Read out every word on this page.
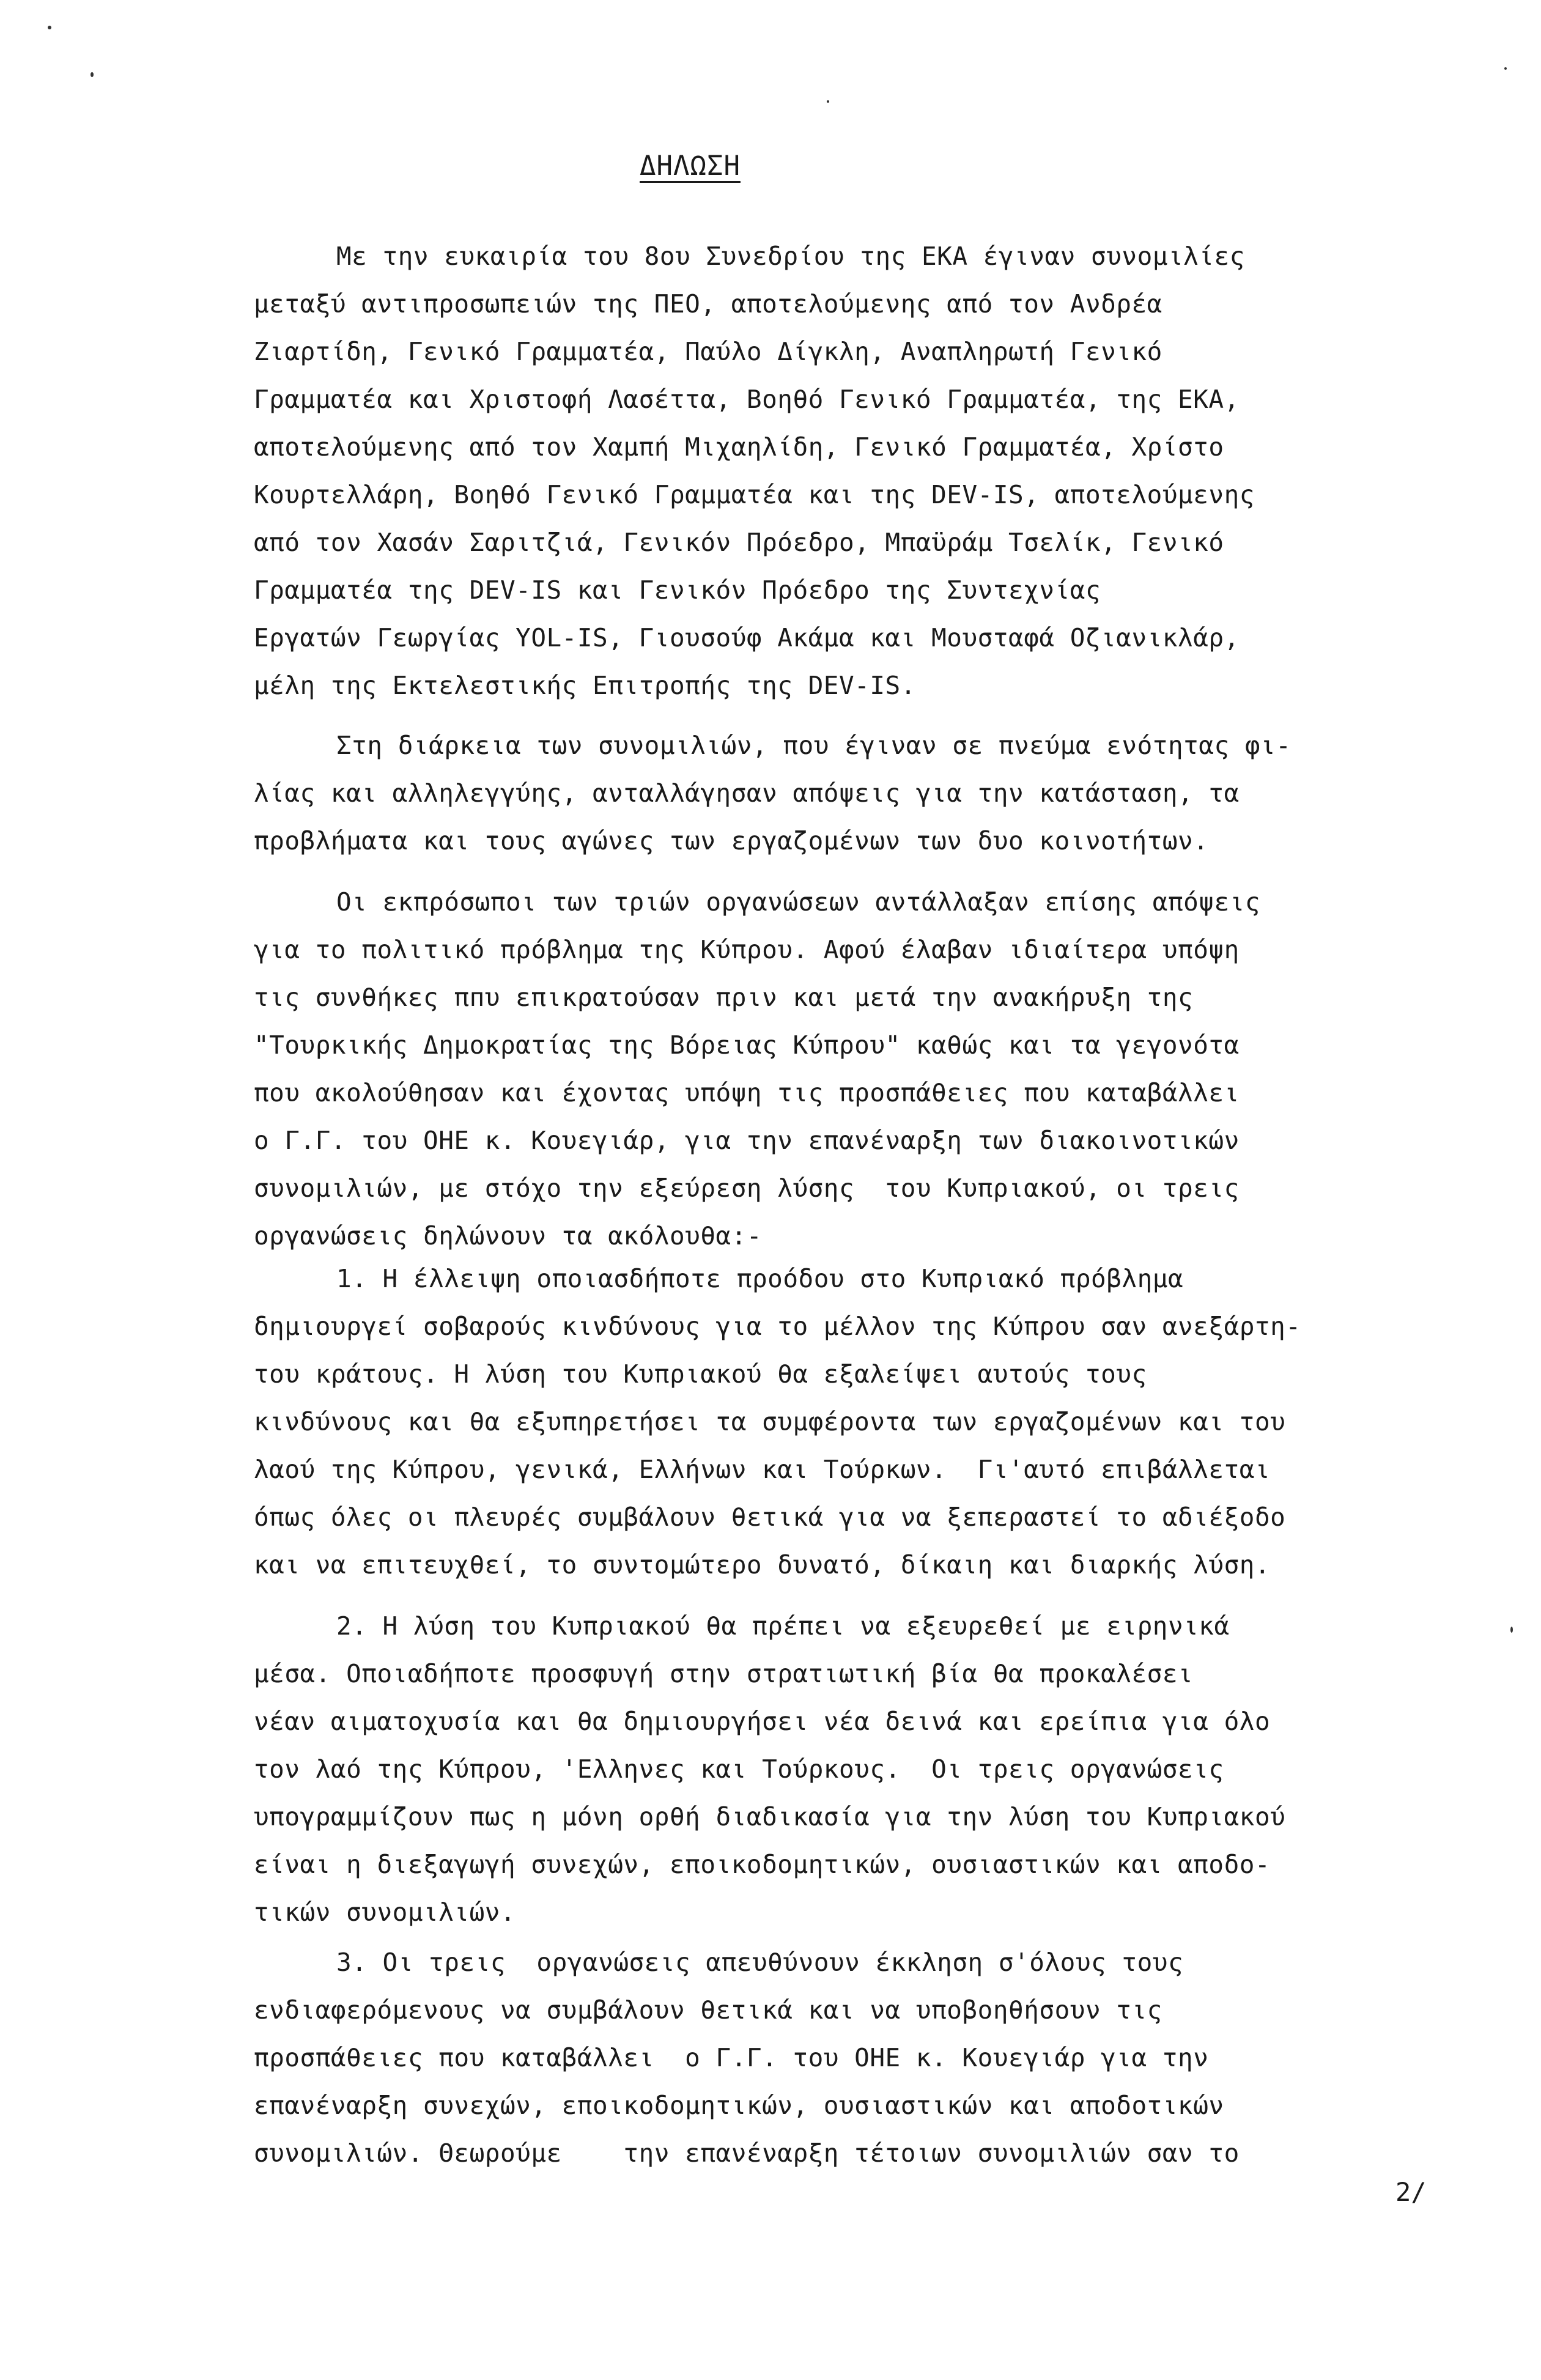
ΔΗΛΩΣΗ
Με την ευκαιρία του 8ου Συνεδρίου της ΕΚΑ έγιναν συνομιλίες
μεταξύ αντιπροσωπειών της ΠΕΟ, αποτελούμενης από τον Ανδρέα
Ζιαρτίδη, Γενικό Γραμματέα, Παύλο Δίγκλη, Αναπληρωτή Γενικό
Γραμματέα και Χριστοφή Λασέττα, Βοηθό Γενικό Γραμματέα, της ΕΚΑ,
αποτελούμενης από τον Χαμπή Μιχαηλίδη, Γενικό Γραμματέα, Χρίστο
Κουρτελλάρη, Βοηθό Γενικό Γραμματέα και της DEV-IS, αποτελούμενης
από τον Χασάν Σαριτζιά, Γενικόν Πρόεδρο, Μπαϋράμ Τσελίκ, Γενικό
Γραμματέα της DEV-IS και Γενικόν Πρόεδρο της Συντεχνίας
Εργατών Γεωργίας YOL-IS, Γιουσούφ Ακάμα και Μουσταφά Οζιανικλάρ,
μέλη της Εκτελεστικής Επιτροπής της DEV-IS.
Στη διάρκεια των συνομιλιών, που έγιναν σε πνεύμα ενότητας φι-
λίας και αλληλεγγύης, ανταλλάγησαν απόψεις για την κατάσταση, τα
προβλήματα και τους αγώνες των εργαζομένων των δυο κοινοτήτων.
Οι εκπρόσωποι των τριών οργανώσεων αντάλλαξαν επίσης απόψεις
για το πολιτικό πρόβλημα της Κύπρου. Αφού έλαβαν ιδιαίτερα υπόψη
τις συνθήκες πпυ επικρατούσαν πριν και μετά την ανακήρυξη της
"Τουρκικής Δημοκρατίας της Βόρειας Κύπρου" καθώς και τα γεγονότα
που ακολούθησαν και έχοντας υπόψη τις προσπάθειες που καταβάλλει
ο Γ.Γ. του ΟΗΕ κ. Κουεγιάρ, για την επανέναρξη των διακοινοτικών
συνομιλιών, με στόχο την εξεύρεση λύσης  του Κυπριακού, οι τρεις
οργανώσεις δηλώνουν τα ακόλουθα:-
1. Η έλλειψη οποιασδήποτε προόδου στο Κυπριακό πρόβλημα
δημιουργεί σοβαρούς κινδύνους για το μέλλον της Κύπρου σαν ανεξάρτη-
του κράτους. Η λύση του Κυπριακού θα εξαλείψει αυτούς τους
κινδύνους και θα εξυπηρετήσει τα συμφέροντα των εργαζομένων και του
λαού της Κύπρου, γενικά, Ελλήνων και Τούρκων.  Γι'αυτό επιβάλλεται
όπως όλες οι πλευρές συμβάλουν θετικά για να ξεπεραστεί το αδιέξοδο
και να επιτευχθεί, το συντομώτερο δυνατό, δίκαιη και διαρκής λύση.
2. Η λύση του Κυπριακού θα πρέπει να εξευρεθεί με ειρηνικά
μέσα. Οποιαδήποτε προσφυγή στην στρατιωτική βία θα προκαλέσει
νέαν αιματοχυσία και θα δημιουργήσει νέα δεινά και ερείπια για όλο
τον λαό της Κύπρου, 'Ελληνες και Τούρκους.  Οι τρεις οργανώσεις
υπογραμμίζουν πως η μόνη ορθή διαδικασία για την λύση του Κυπριακού
είναι η διεξαγωγή συνεχών, εποικοδομητικών, ουσιαστικών και αποδο-
τικών συνομιλιών.
3. Οι τρεις  οργανώσεις απευθύνουν έκκληση σ'όλους τους
ενδιαφερόμενους να συμβάλουν θετικά και να υποβοηθήσουν τις
προσπάθειες που καταβάλλει  ο Γ.Γ. του ΟΗΕ κ. Κουεγιάρ για την
επανέναρξη συνεχών, εποικοδομητικών, ουσιαστικών και αποδοτικών
συνομιλιών. Θεωρούμε    την επανέναρξη τέτοιων συνομιλιών σαν το
2/
